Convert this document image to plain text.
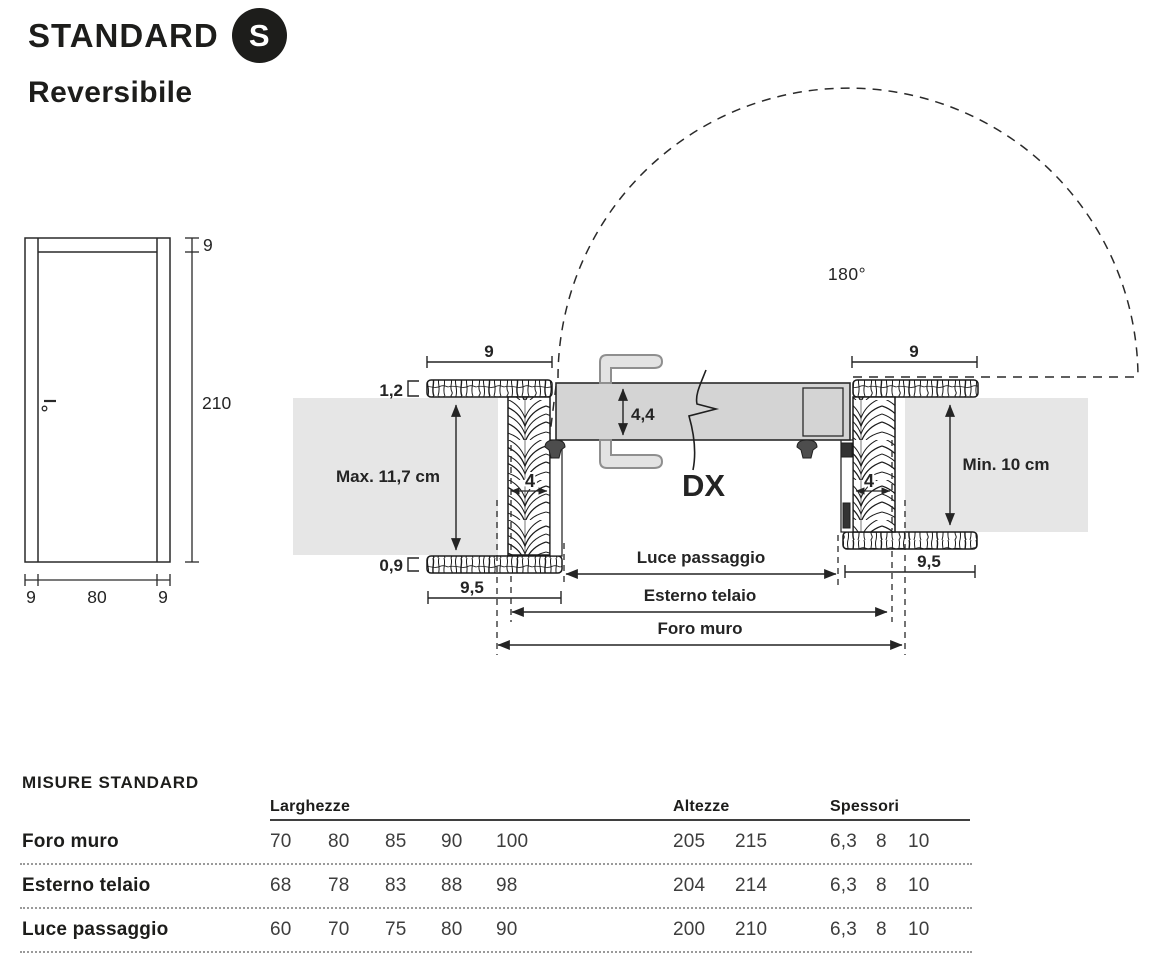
STANDARD S
Reversibile
9
210
9	80	9
180°
9	9
1,2
0,9
Max. 11,7 cm
Min. 10 cm
4,4
4	4
9,5
9,5
DX
Luce passaggio
Esterno telaio
Foro muro
MISURE STANDARD
Larghezze	Altezze	Spessori
Foro muro	70	80	85	90	100	205	215	6,3 8	10
Esterno telaio	68	78	83	88	98	204	214	6,3 8	10
Luce passaggio	60	70	75	80	90	200	210	6,3 8	10
